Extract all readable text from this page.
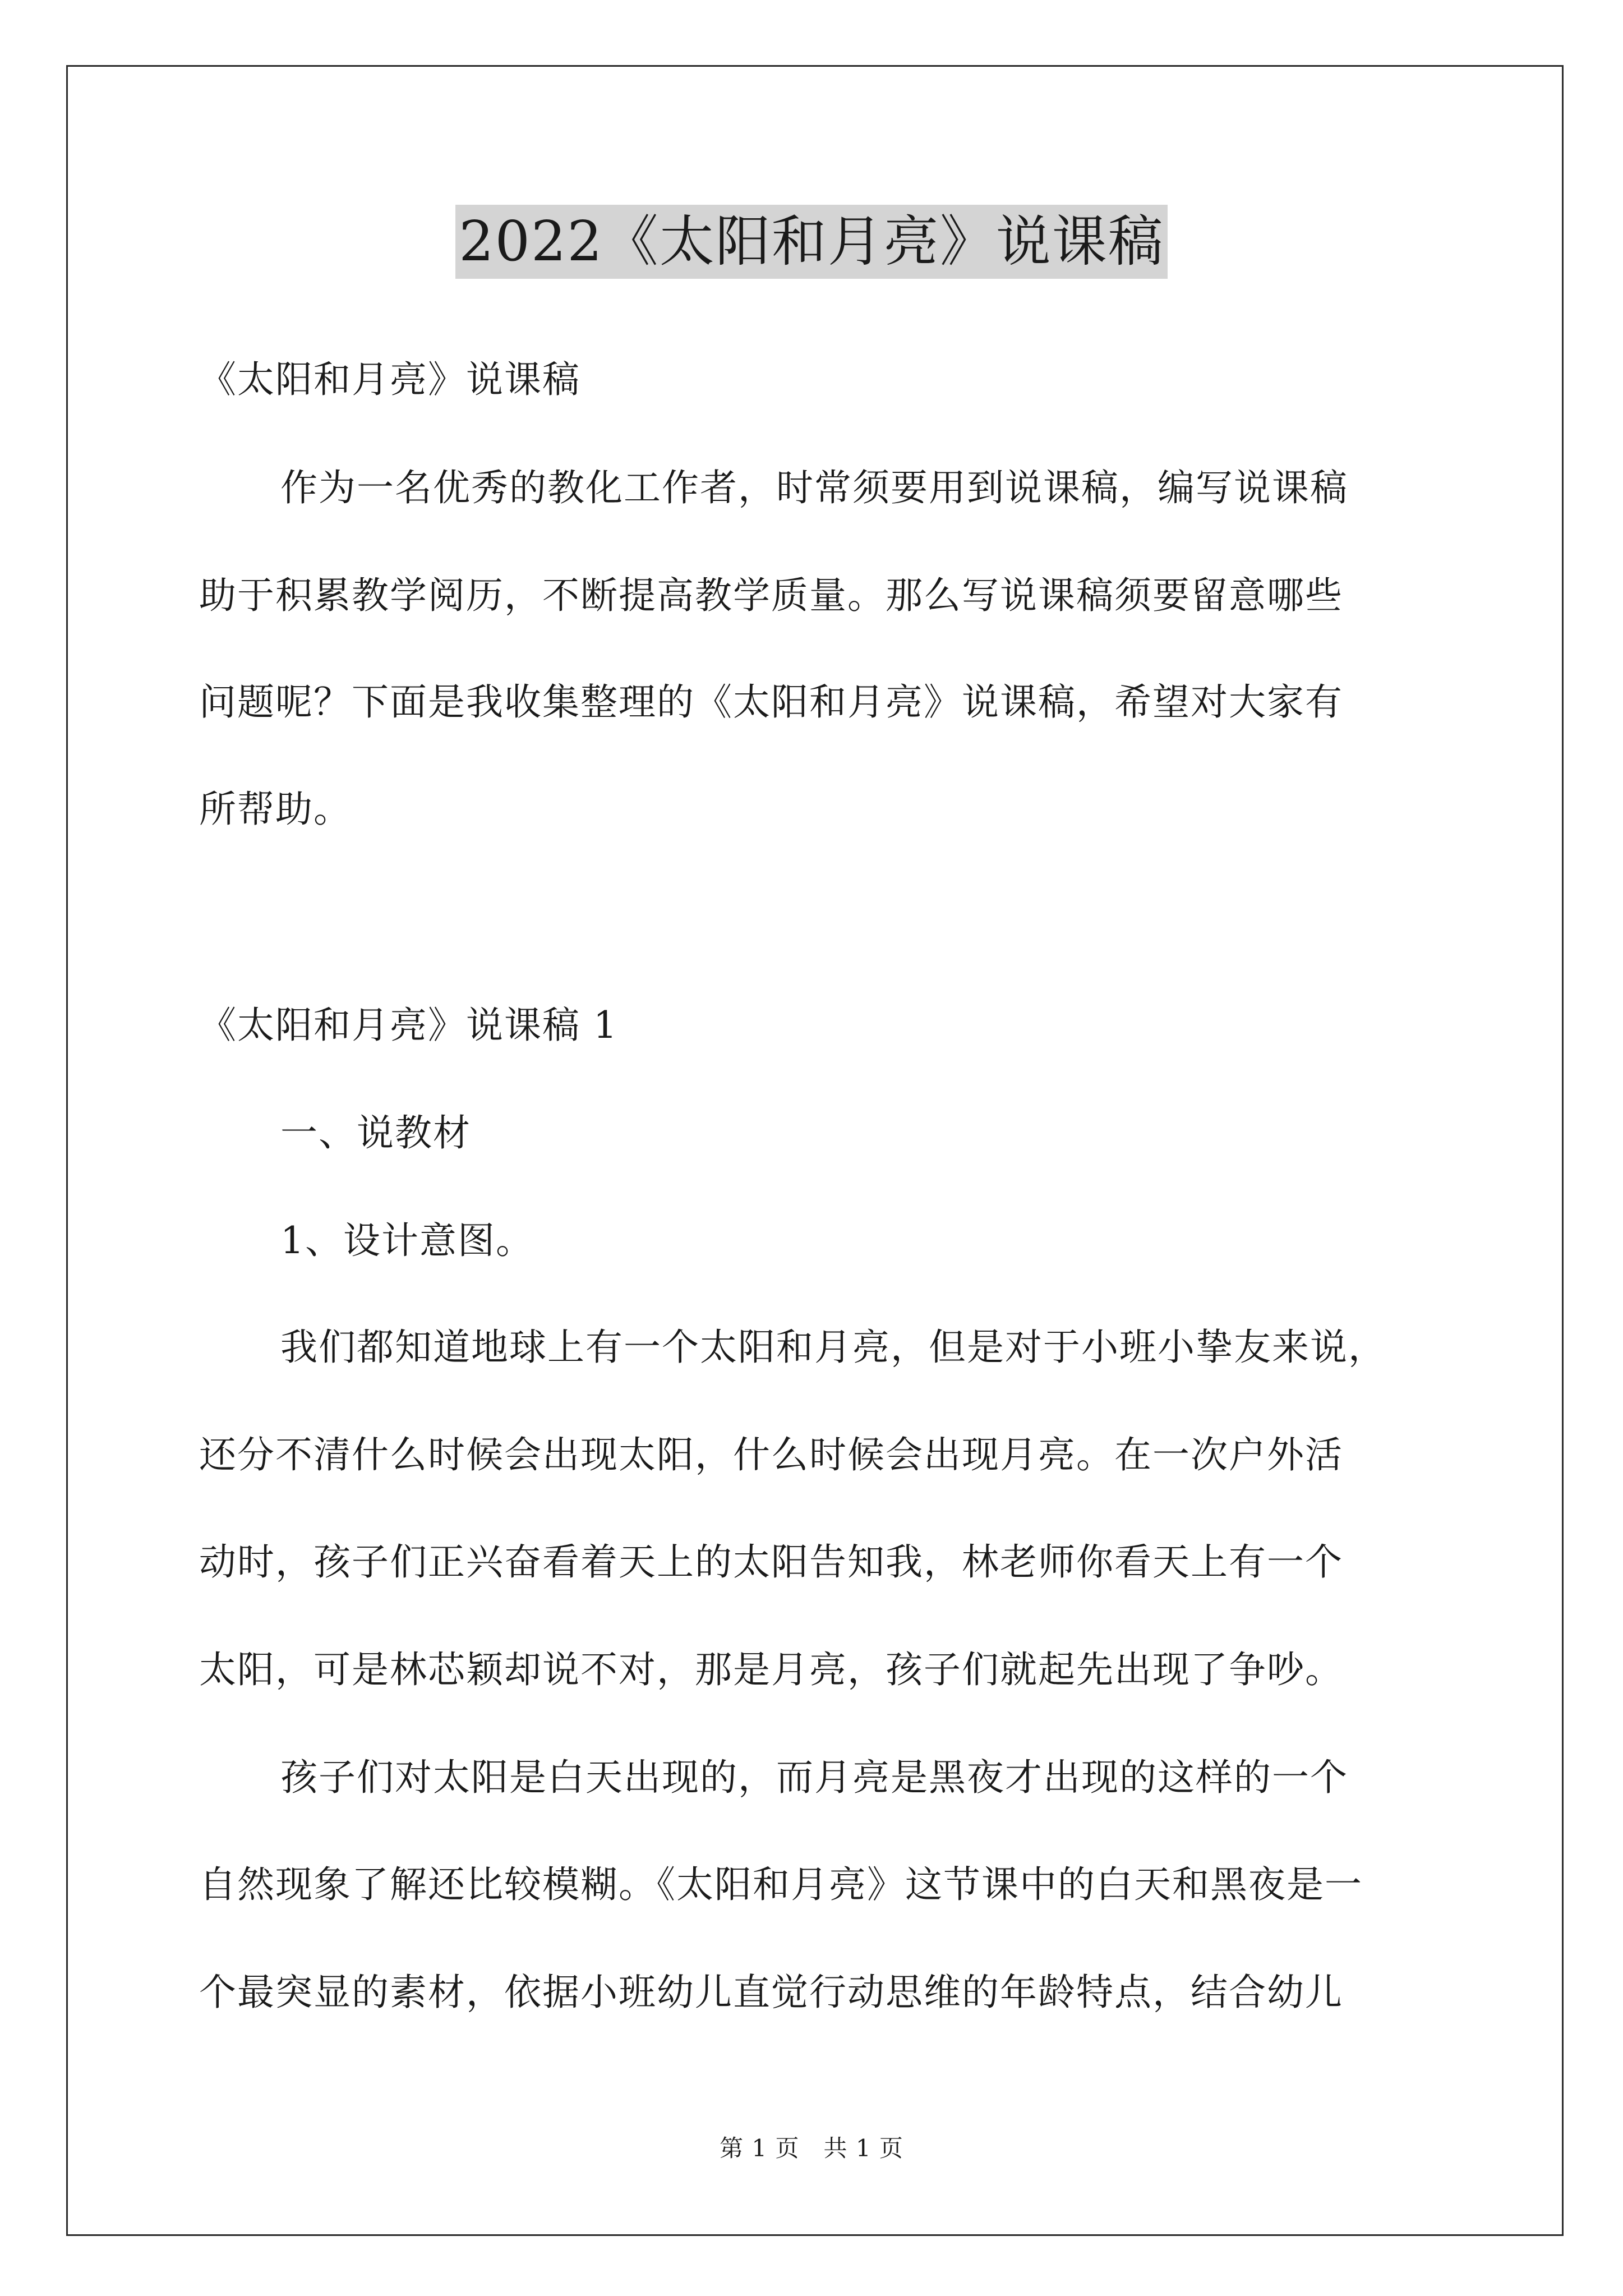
2022《太阳和月亮》说课稿
《太阳和月亮》说课稿
作为一名优秀的教化工作者，时常须要用到说课稿，编写说课稿
助于积累教学阅历，不断提高教学质量。那么写说课稿须要留意哪些
问题呢？下面是我收集整理的《太阳和月亮》说课稿，希望对大家有
所帮助。
《太阳和月亮》说课稿 1
一、说教材
1、设计意图。
我们都知道地球上有一个太阳和月亮，但是对于小班小挚友来说，
还分不清什么时候会出现太阳，什么时候会出现月亮。在一次户外活
动时，孩子们正兴奋看着天上的太阳告知我，林老师你看天上有一个
太阳，可是林芯颖却说不对，那是月亮，孩子们就起先出现了争吵。
孩子们对太阳是白天出现的，而月亮是黑夜才出现的这样的一个
自然现象了解还比较模糊。《太阳和月亮》这节课中的白天和黑夜是一
个最突显的素材，依据小班幼儿直觉行动思维的年龄特点，结合幼儿
第 1 页　共 1 页
